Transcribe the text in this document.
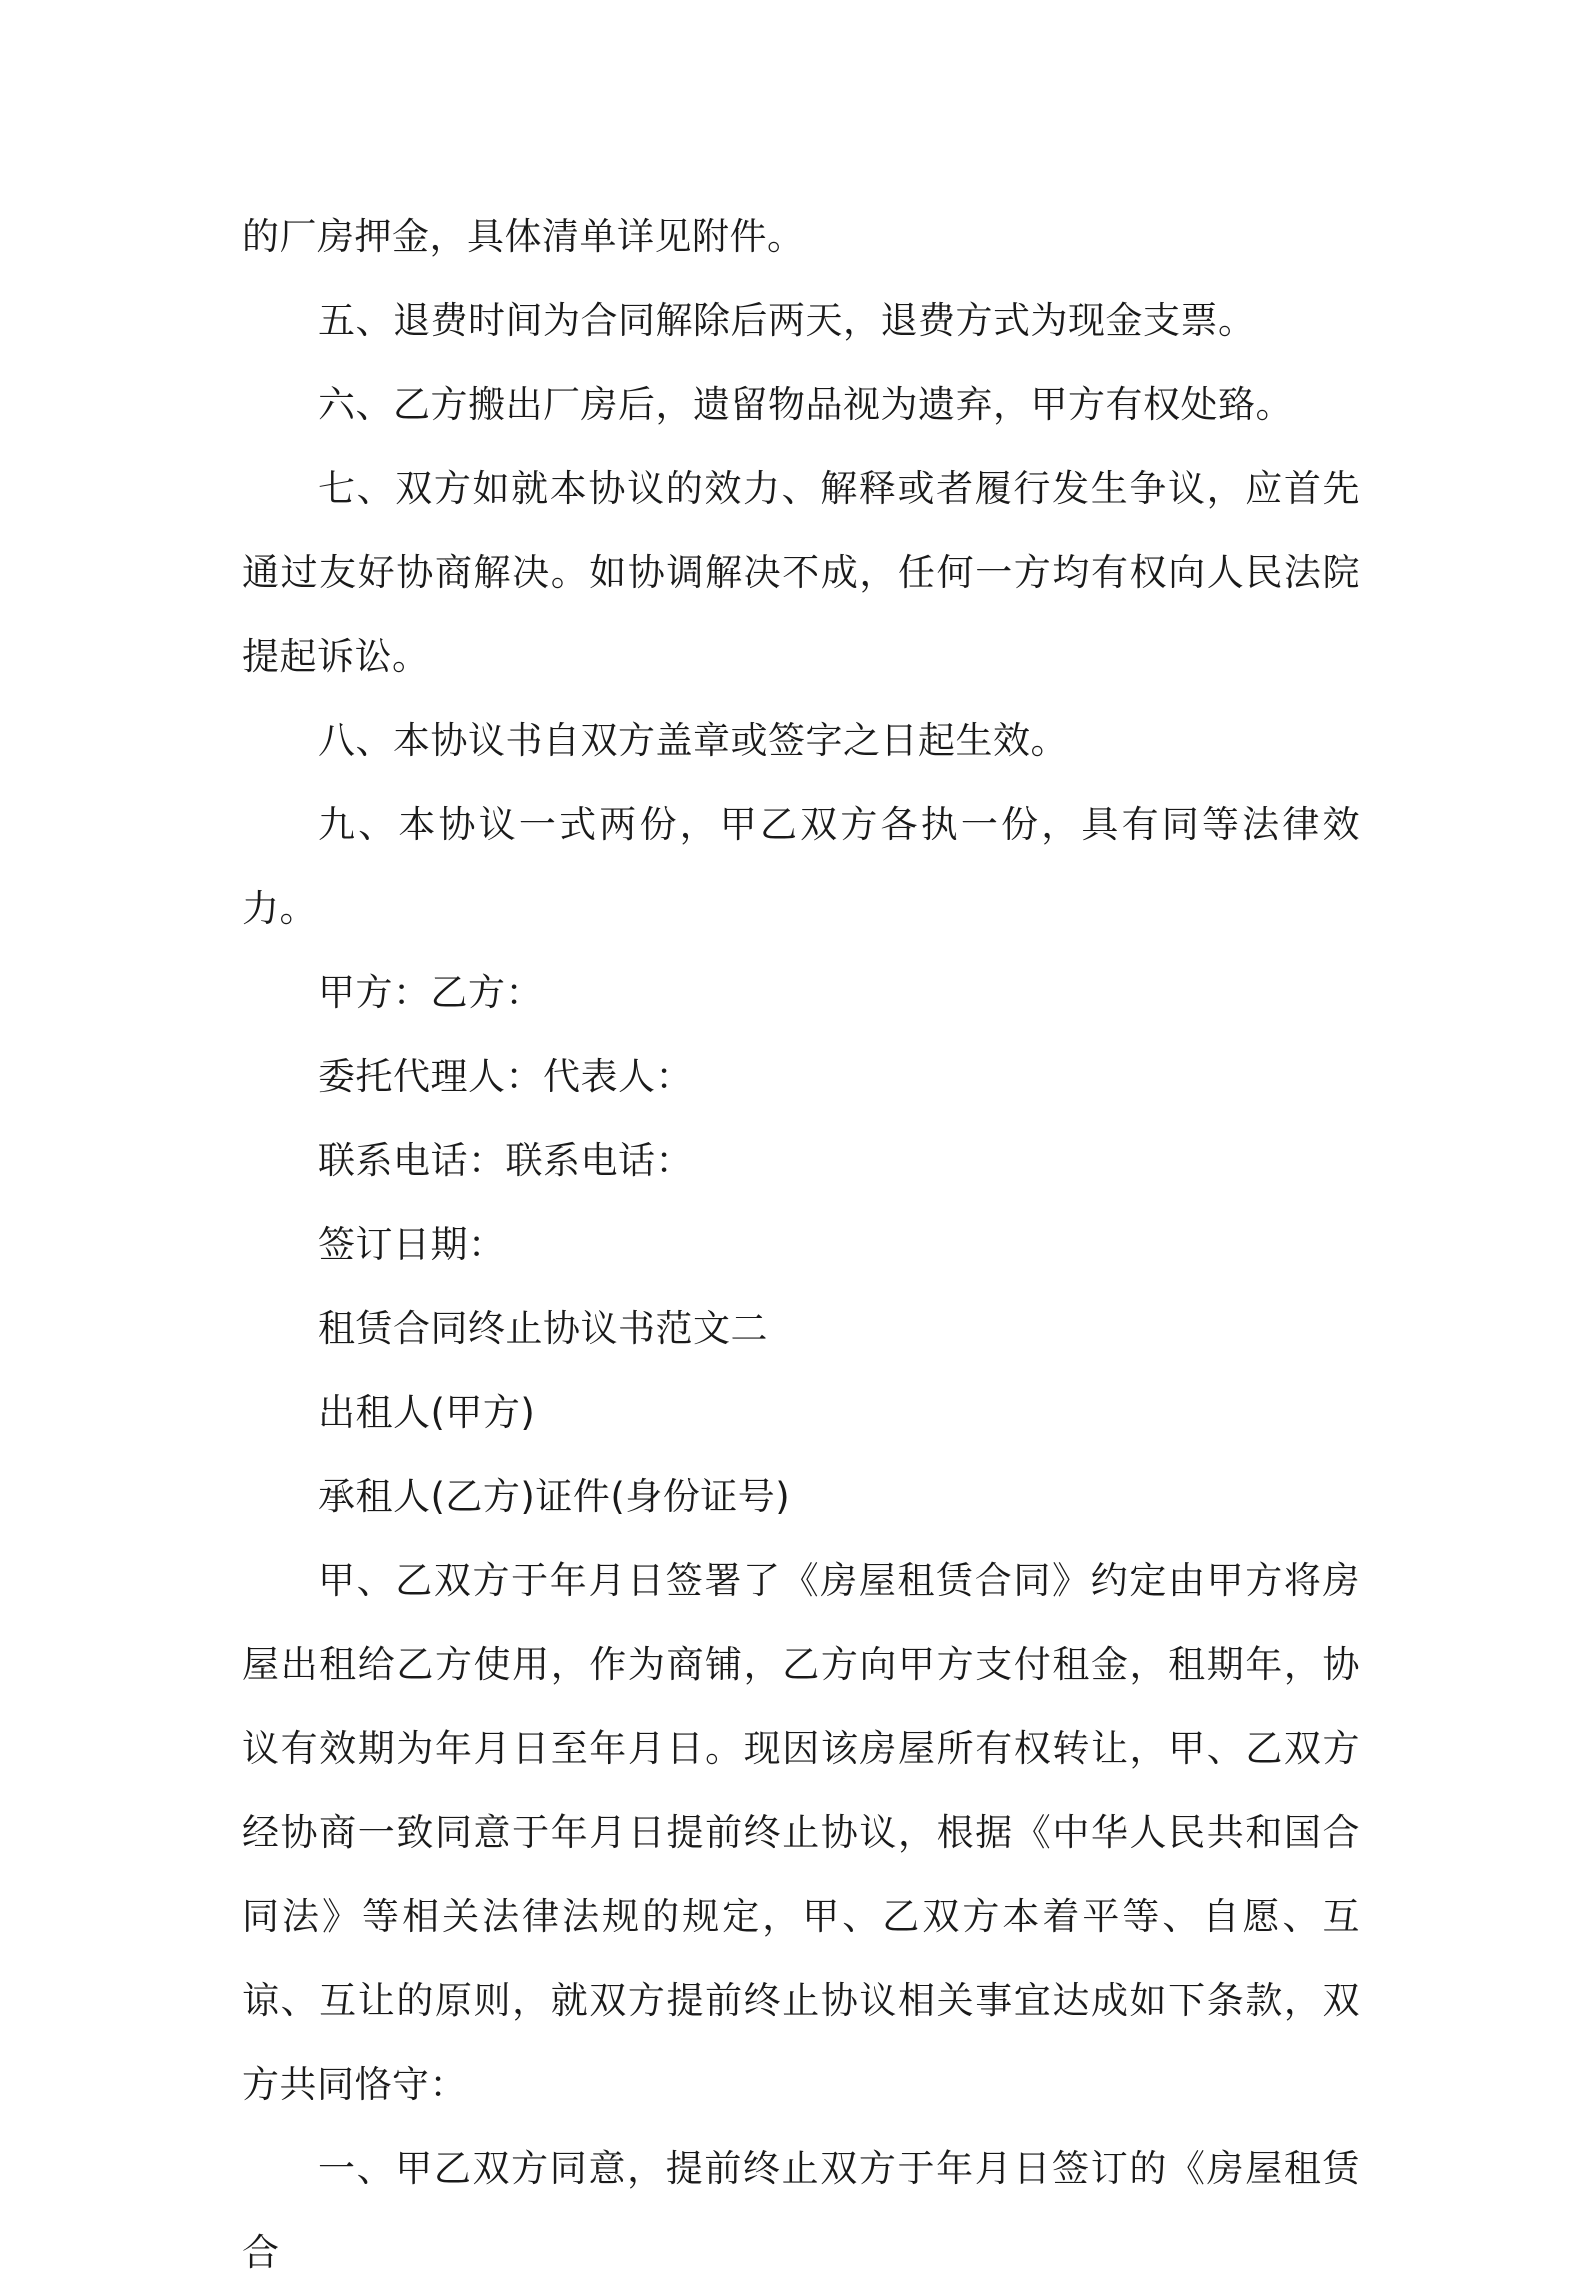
的厂房押金，具体清单详见附件。

五、退费时间为合同解除后两天，退费方式为现金支票。

六、乙方搬出厂房后，遗留物品视为遗弃，甲方有权处臵。

七、双方如就本协议的效力、解释或者履行发生争议，应首先通过友好协商解决。如协调解决不成，任何一方均有权向人民法院提起诉讼。

八、本协议书自双方盖章或签字之日起生效。

九、本协议一式两份，甲乙双方各执一份，具有同等法律效力。

甲方：乙方：

委托代理人：代表人：

联系电话：联系电话：

签订日期：

租赁合同终止协议书范文二

出租人(甲方)

承租人(乙方)证件(身份证号)

甲、乙双方于年月日签署了《房屋租赁合同》约定由甲方将房屋出租给乙方使用，作为商铺，乙方向甲方支付租金，租期年，协议有效期为年月日至年月日。现因该房屋所有权转让，甲、乙双方经协商一致同意于年月日提前终止协议，根据《中华人民共和国合同法》等相关法律法规的规定，甲、乙双方本着平等、自愿、互谅、互让的原则，就双方提前终止协议相关事宜达成如下条款，双方共同恪守：

一、甲乙双方同意，提前终止双方于年月日签订的《房屋租赁合
